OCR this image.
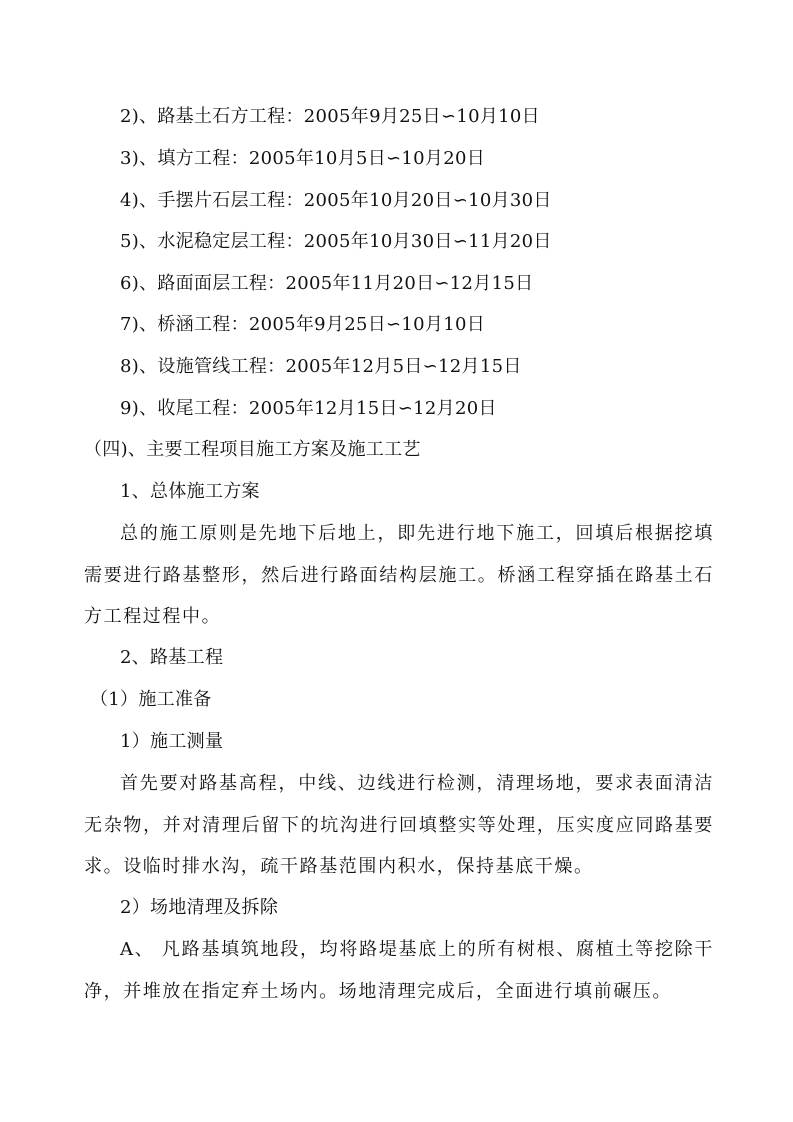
2)、路基土石方工程：2005年9月25日∽10月10日
3)、填方工程：2005年10月5日∽10月20日
4)、手摆片石层工程：2005年10月20日∽10月30日
5)、水泥稳定层工程：2005年10月30日∽11月20日
6)、路面面层工程：2005年11月20日∽12月15日
7)、桥涵工程：2005年9月25日∽10月10日
8)、设施管线工程：2005年12月5日∽12月15日
9)、收尾工程：2005年12月15日∽12月20日
（四)、主要工程项目施工方案及施工工艺
1、总体施工方案
总的施工原则是先地下后地上，即先进行地下施工，回填后根据挖填需要进行路基整形，然后进行路面结构层施工。桥涵工程穿插在路基土石方工程过程中。
2、路基工程
（1）施工准备
1）施工测量
首先要对路基高程，中线、边线进行检测，清理场地，要求表面清洁无杂物，并对清理后留下的坑沟进行回填整实等处理，压实度应同路基要求。设临时排水沟，疏干路基范围内积水，保持基底干燥。
2）场地清理及拆除
A、 凡路基填筑地段，均将路堤基底上的所有树根、腐植土等挖除干净，并堆放在指定弃土场内。场地清理完成后，全面进行填前碾压。
